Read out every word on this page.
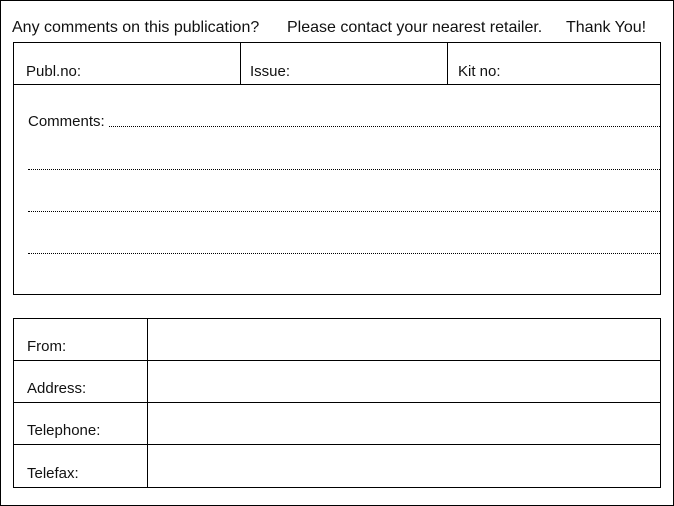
Any comments on this publication? Please contact your nearest retailer. Thank You!
Publ.no:	Issue:	Kit no:
Comments:
From:
Address:
Telephone:
Telefax:
